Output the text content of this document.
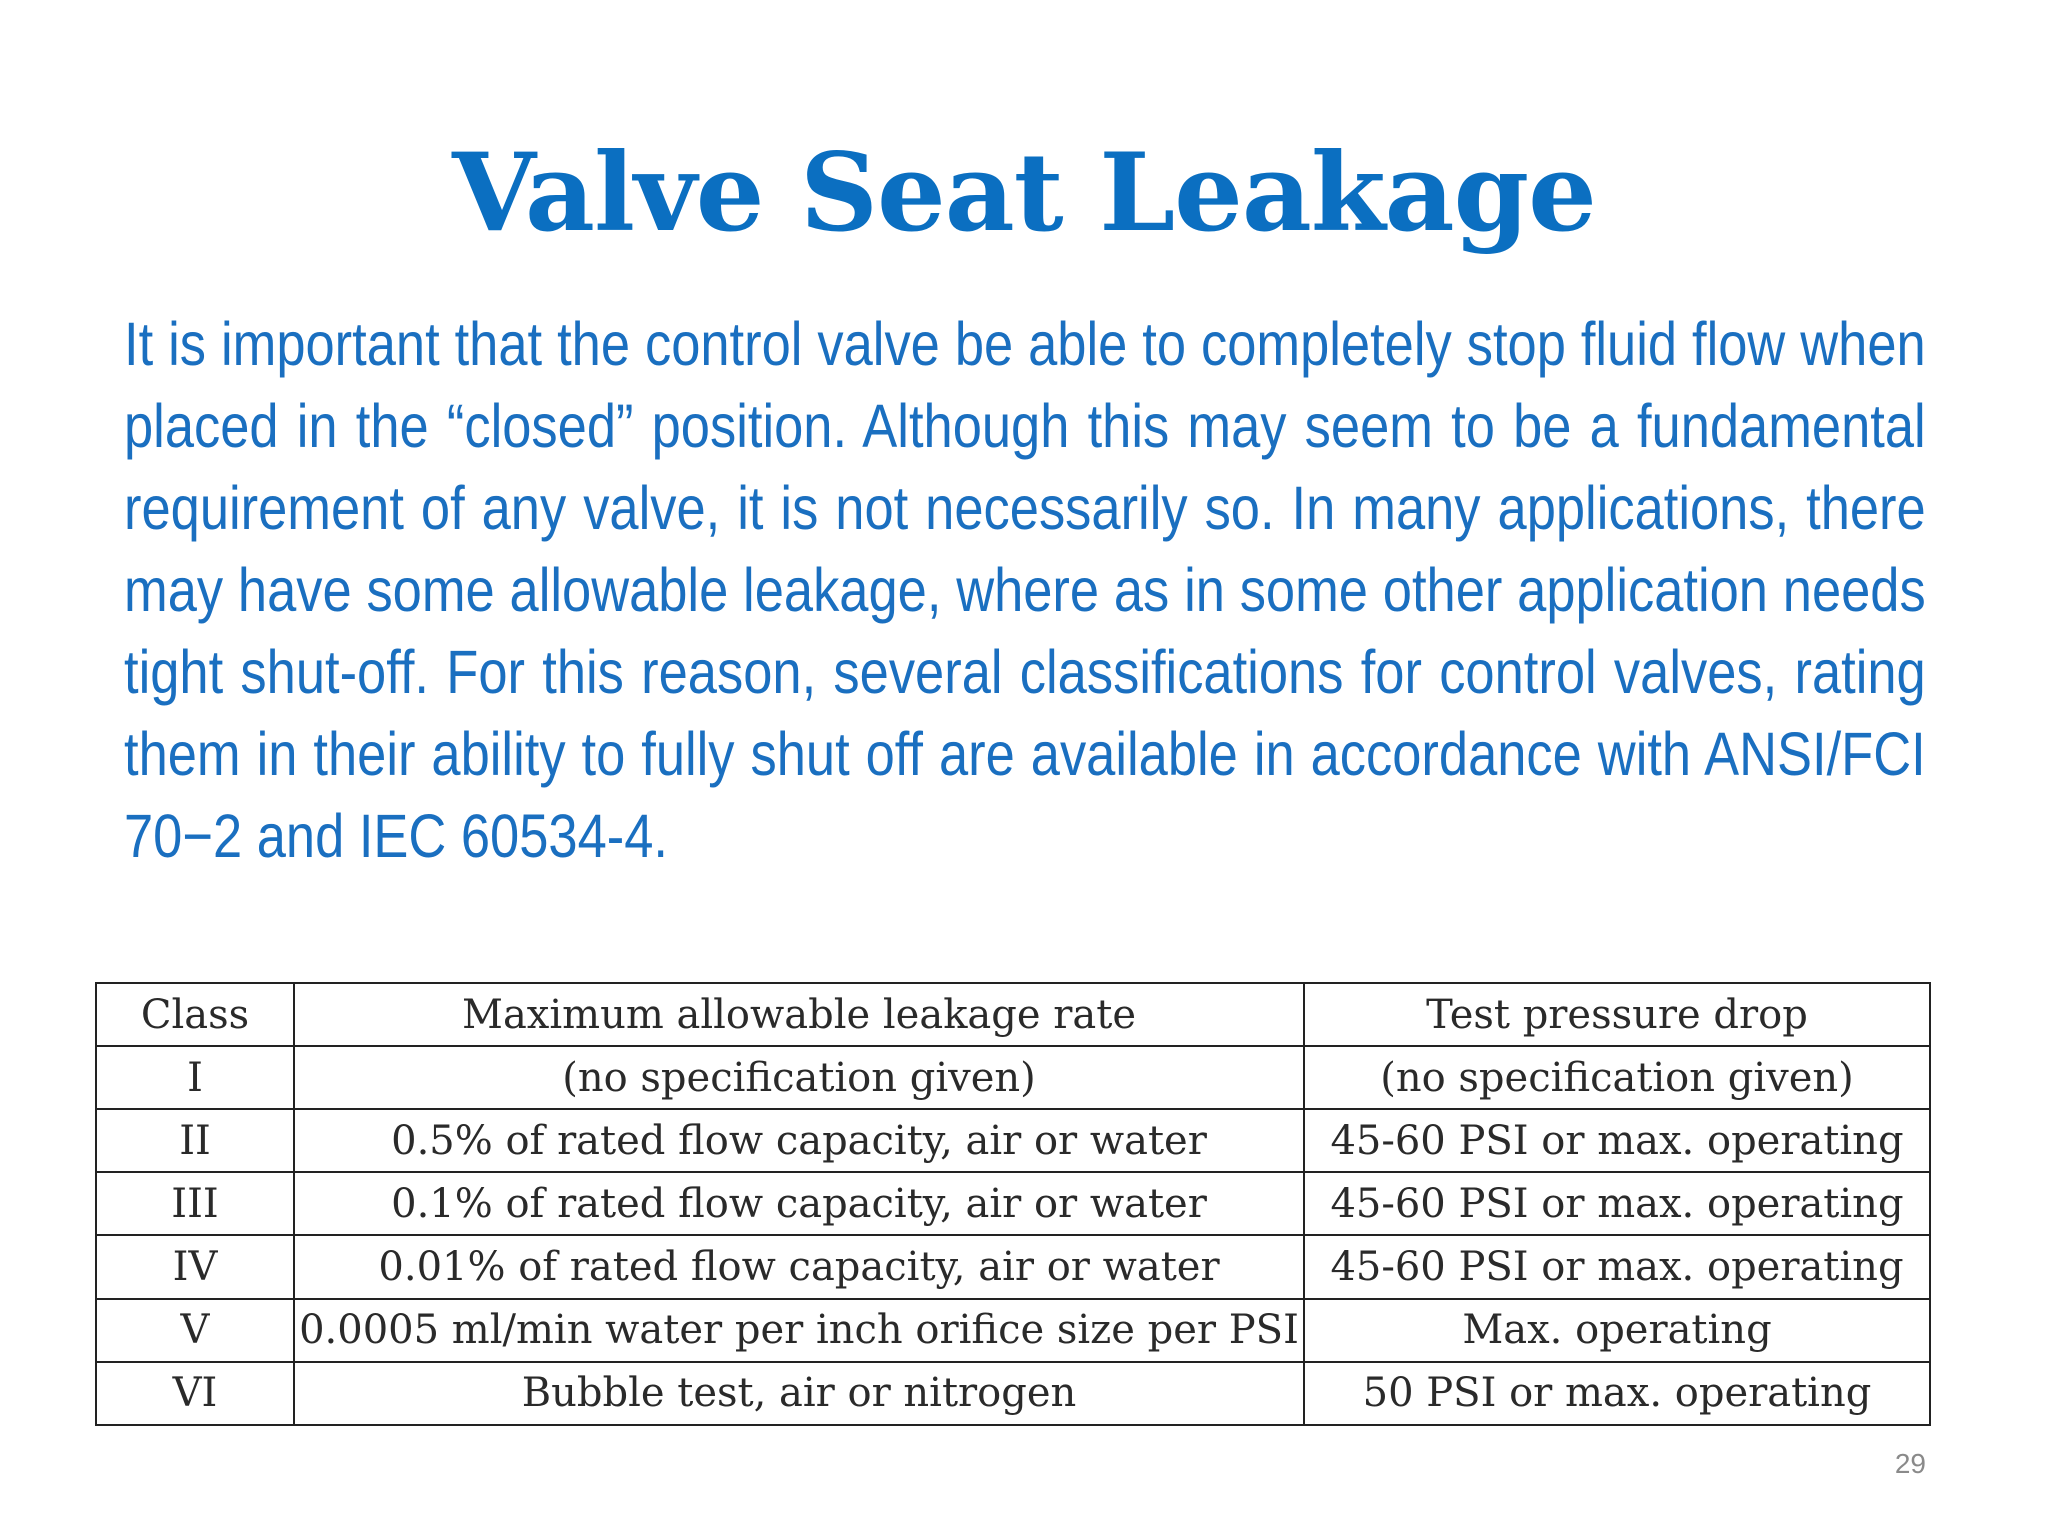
Valve Seat Leakage

It is important that the control valve be able to completely stop fluid flow when placed in the “closed” position. Although this may seem to be a fundamental requirement of any valve, it is not necessarily so. In many applications, there may have some allowable leakage, where as in some other application needs tight shut-off. For this reason, several classifications for control valves, rating them in their ability to fully shut off are available in accordance with ANSI/FCI 70−2 and IEC 60534-4.

Class	Maximum allowable leakage rate	Test pressure drop
I	(no specification given)	(no specification given)
II	0.5% of rated flow capacity, air or water	45-60 PSI or max. operating
III	0.1% of rated flow capacity, air or water	45-60 PSI or max. operating
IV	0.01% of rated flow capacity, air or water	45-60 PSI or max. operating
V	0.0005 ml/min water per inch orifice size per PSI	Max. operating
VI	Bubble test, air or nitrogen	50 PSI or max. operating
29
